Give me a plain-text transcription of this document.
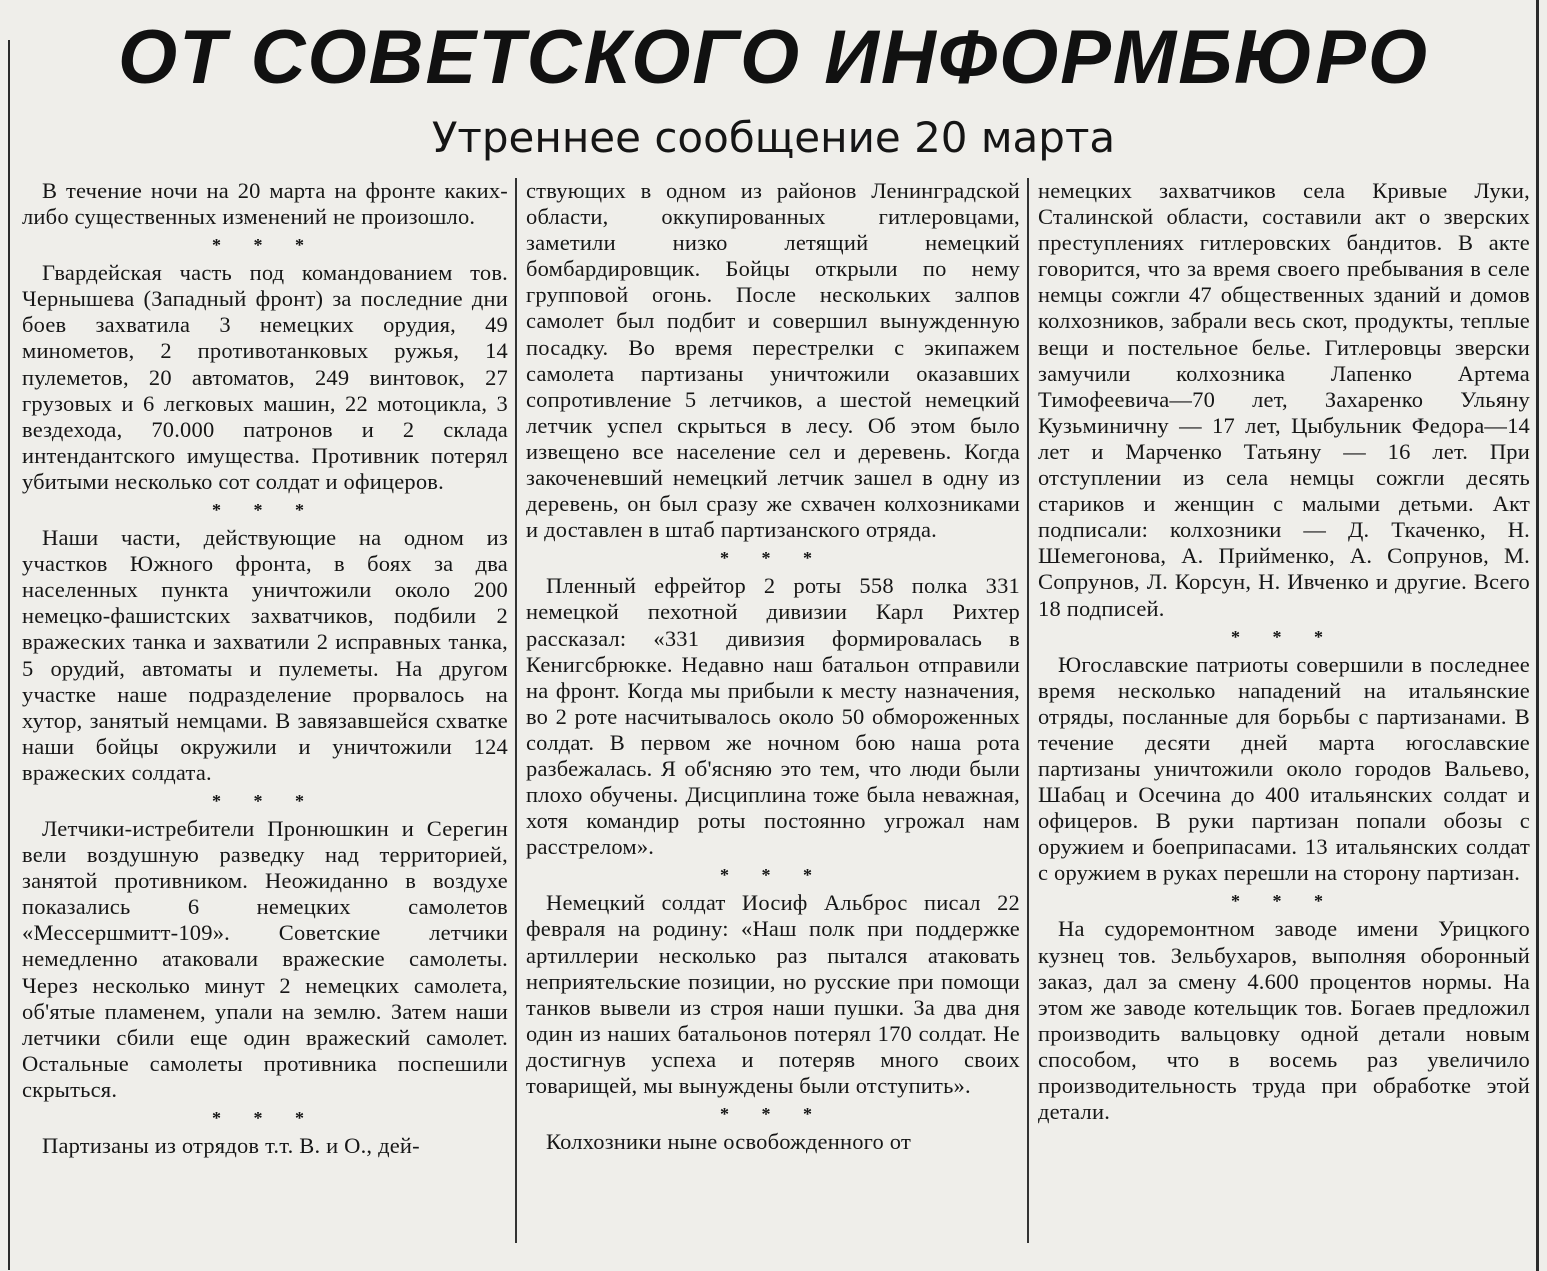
ОТ СОВЕТСКОГО ИНФОРМБЮРО
Утреннее сообщение 20 марта

В течение ночи на 20 марта на фронте каких-либо существенных изменений не произошло.

* * *

Гвардейская часть под командованием тов. Чернышева (Западный фронт) за последние дни боев захватила 3 немецких орудия, 49 минометов, 2 противотанковых ружья, 14 пулеметов, 20 автоматов, 249 винтовок, 27 грузовых и 6 легковых машин, 22 мотоцикла, 3 вездехода, 70.000 патронов и 2 склада интендантского имущества. Противник потерял убитыми несколько сот солдат и офицеров.

* * *

Наши части, действующие на одном из участков Южного фронта, в боях за два населенных пункта уничтожили около 200 немецко-фашистских захватчиков, подбили 2 вражеских танка и захватили 2 исправных танка, 5 орудий, автоматы и пулеметы. На другом участке наше подразделение прорвалось на хутор, занятый немцами. В завязавшейся схватке наши бойцы окружили и уничтожили 124 вражеских солдата.

* * *

Летчики-истребители Пронюшкин и Серегин вели воздушную разведку над территорией, занятой противником. Неожиданно в воздухе показались 6 немецких самолетов «Мессершмитт-109». Советские летчики немедленно атаковали вражеские самолеты. Через несколько минут 2 немецких самолета, об'ятые пламенем, упали на землю. Затем наши летчики сбили еще один вражеский самолет. Остальные самолеты противника поспешили скрыться.

* * *

Партизаны из отрядов т.т. В. и О., дей-

ствующих в одном из районов Ленинградской области, оккупированных гитлеровцами, заметили низко летящий немецкий бомбардировщик. Бойцы открыли по нему групповой огонь. После нескольких залпов самолет был подбит и совершил вынужденную посадку. Во время перестрелки с экипажем самолета партизаны уничтожили оказавших сопротивление 5 летчиков, а шестой немецкий летчик успел скрыться в лесу. Об этом было извещено все население сел и деревень. Когда закоченевший немецкий летчик зашел в одну из деревень, он был сразу же схвачен колхозниками и доставлен в штаб партизанского отряда.

* * *

Пленный ефрейтор 2 роты 558 полка 331 немецкой пехотной дивизии Карл Рихтер рассказал: «331 дивизия формировалась в Кенигсбрюкке. Недавно наш батальон отправили на фронт. Когда мы прибыли к месту назначения, во 2 роте насчитывалось около 50 обмороженных солдат. В первом же ночном бою наша рота разбежалась. Я об'ясняю это тем, что люди были плохо обучены. Дисциплина тоже была неважная, хотя командир роты постоянно угрожал нам расстрелом».

* * *

Немецкий солдат Иосиф Альброс писал 22 февраля на родину: «Наш полк при поддержке артиллерии несколько раз пытался атаковать неприятельские позиции, но русские при помощи танков вывели из строя наши пушки. За два дня один из наших батальонов потерял 170 солдат. Не достигнув успеха и потеряв много своих товарищей, мы вынуждены были отступить».

* * *

Колхозники ныне освобожденного от

немецких захватчиков села Кривые Луки, Сталинской области, составили акт о зверских преступлениях гитлеровских бандитов. В акте говорится, что за время своего пребывания в селе немцы сожгли 47 общественных зданий и домов колхозников, забрали весь скот, продукты, теплые вещи и постельное белье. Гитлеровцы зверски замучили колхозника Лапенко Артема Тимофеевича—70 лет, Захаренко Ульяну Кузьминичну — 17 лет, Цыбульник Федора—14 лет и Марченко Татьяну — 16 лет. При отступлении из села немцы сожгли десять стариков и женщин с малыми детьми. Акт подписали: колхозники — Д. Ткаченко, Н. Шемегонова, А. Прийменко, А. Сопрунов, М. Сопрунов, Л. Корсун, Н. Ивченко и другие. Всего 18 подписей.

* * *

Югославские патриоты совершили в последнее время несколько нападений на итальянские отряды, посланные для борьбы с партизанами. В течение десяти дней марта югославские партизаны уничтожили около городов Вальево, Шабац и Осечина до 400 итальянских солдат и офицеров. В руки партизан попали обозы с оружием и боеприпасами. 13 итальянских солдат с оружием в руках перешли на сторону партизан.

* * *

На судоремонтном заводе имени Урицкого кузнец тов. Зельбухаров, выполняя оборонный заказ, дал за смену 4.600 процентов нормы. На этом же заводе котельщик тов. Богаев предложил производить вальцовку одной детали новым способом, что в восемь раз увеличило производительность труда при обработке этой детали.
